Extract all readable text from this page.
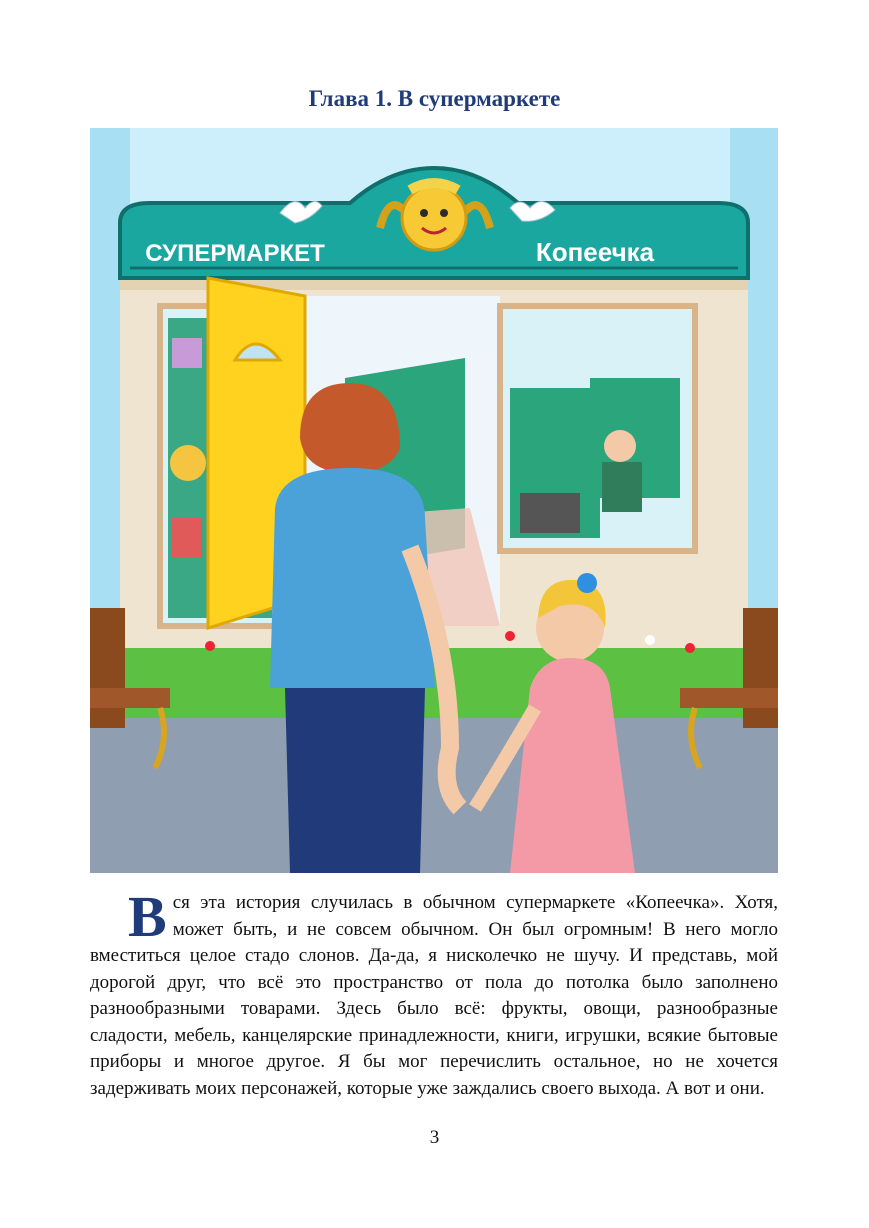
Глава 1. В супермаркете
СУПЕРМАРКЕТ	Копеечка
Вся эта история случилась в обычном супермаркете «Копеечка». Хотя, может быть, и не совсем обычном. Он был огромным! В него могло вместиться целое стадо слонов. Да-да, я нисколечко не шучу. И представь, мой дорогой друг, что всё это пространство от пола до потолка было заполнено разнообразными товарами. Здесь было всё: фрукты, овощи, разнообразные сладости, мебель, канцелярские принадлежности, книги, игрушки, всякие бытовые приборы и многое другое. Я бы мог перечислить остальное, но не хочется задерживать моих персонажей, которые уже заждались своего выхода. А вот и они.
3
